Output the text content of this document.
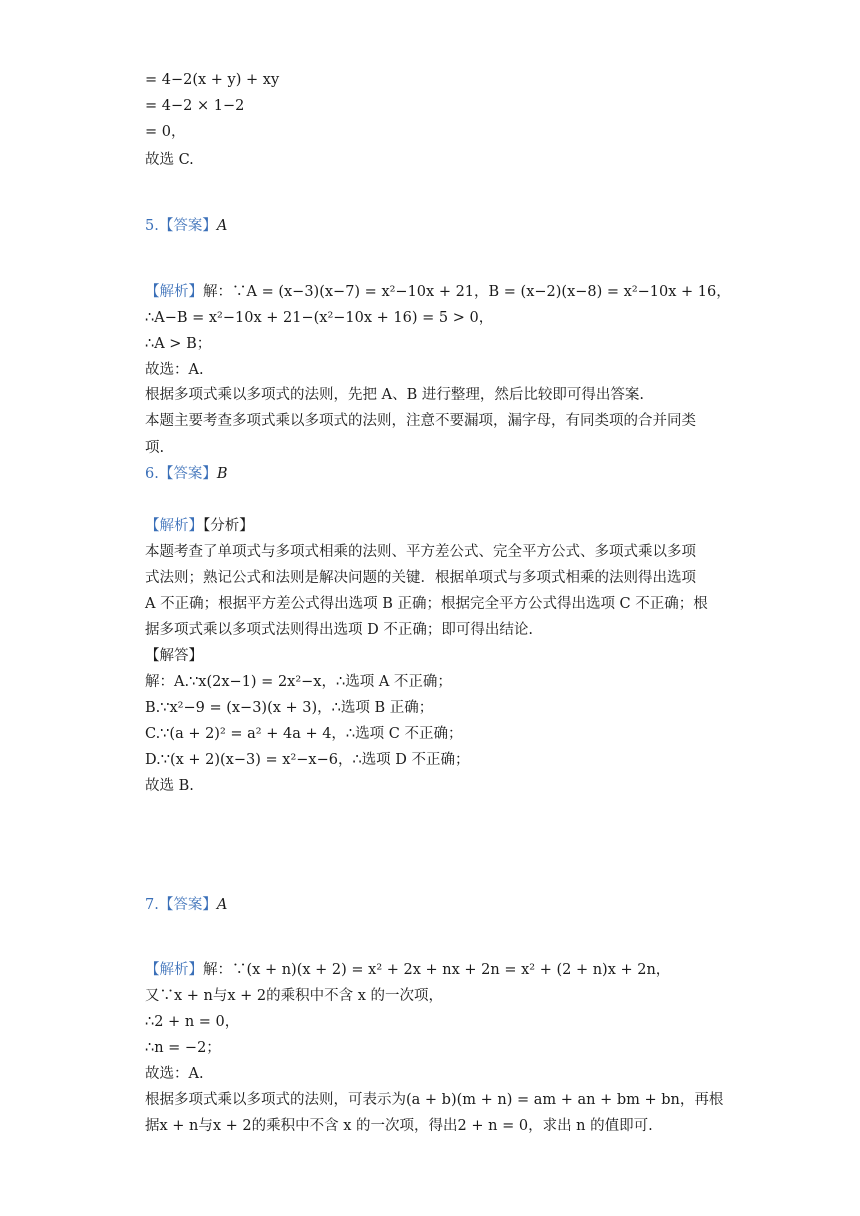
= 4−2(x + y) + xy
= 4−2 × 1−2
= 0，
故选 C.
5.【答案】A
【解析】解：∵A = (x−3)(x−7) = x²−10x + 21，B = (x−2)(x−8) = x²−10x + 16，
∴A−B = x²−10x + 21−(x²−10x + 16) = 5 > 0，
∴A > B；
故选：A.
根据多项式乘以多项式的法则，先把 A、B 进行整理，然后比较即可得出答案.
本题主要考查多项式乘以多项式的法则，注意不要漏项，漏字母，有同类项的合并同类
项.
6.【答案】B
【解析】【分析】
本题考查了单项式与多项式相乘的法则、平方差公式、完全平方公式、多项式乘以多项
式法则；熟记公式和法则是解决问题的关键．根据单项式与多项式相乘的法则得出选项
A 不正确；根据平方差公式得出选项 B 正确；根据完全平方公式得出选项 C 不正确；根
据多项式乘以多项式法则得出选项 D 不正确；即可得出结论.
【解答】
解：A.∵x(2x−1) = 2x²−x，∴选项 A 不正确；
B.∵x²−9 = (x−3)(x + 3)，∴选项 B 正确；
C.∵(a + 2)² = a² + 4a + 4，∴选项 C 不正确；
D.∵(x + 2)(x−3) = x²−x−6，∴选项 D 不正确；
故选 B.
7.【答案】A
【解析】解：∵(x + n)(x + 2) = x² + 2x + nx + 2n = x² + (2 + n)x + 2n，
又∵x + n与x + 2的乘积中不含 x 的一次项，
∴2 + n = 0，
∴n = −2；
故选：A.
根据多项式乘以多项式的法则，可表示为(a + b)(m + n) = am + an + bm + bn，再根
据x + n与x + 2的乘积中不含 x 的一次项，得出2 + n = 0，求出 n 的值即可.
